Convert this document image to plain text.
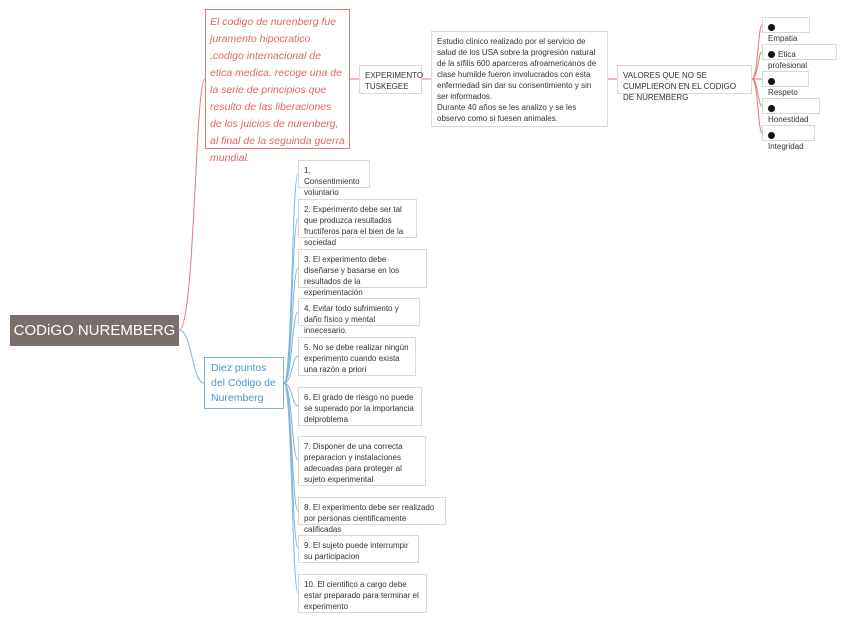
CODiGO NUREMBERG
El codigo de nurenberg fue juramento hipocratico ,codigo internacional de etica medica. recoge una de la serie de principios que resulto de las liberaciones de los juicios de nurenberg, al final de la seguinda guerra mundial.
EXPERIMENTO TUSKEGEE
Estudio clinico realizado por el servicio de salud de los USA sobre la progresión natural de la sífilis 600 aparceros afroamericanos de clase humilde fueron involucrados con esta enfermedad sin dar su consentimiento y sin ser informados.
Durante 40 años se les analizo y se les observo como si fuesen animales.
VALORES QUE NO SE CUMPLIERON EN EL CODIGO DE NUREMBERG
Empatia
Etica profesional
Respeto
Honestidad
Integridad
Diez puntos del Código de Nuremberg
1. Consentimiento voluntario
2. Experimento debe ser tal que produzca resultados fructíferos para el bien de la sociedad
3. El experimento debe diseñarse y basarse en los resultados de la experimentación
4. Evitar todo sufrimiento y daño físico y mental innecesario.
5. No se debe realizar ningún experimento cuando exista una razón a priori
6. El grado de riesgo no puede se superado por la importancia delproblema
7. Disponer de una correcta preparacion y instalaciones adecuadas para proteger al sujeto experimental
8. El experimento debe ser realizado por personas cientificamente calificadas
9. El sujeto puede interrumpir su participacion
10. El cientifico a cargo debe estar preparado para terminar el experimento
